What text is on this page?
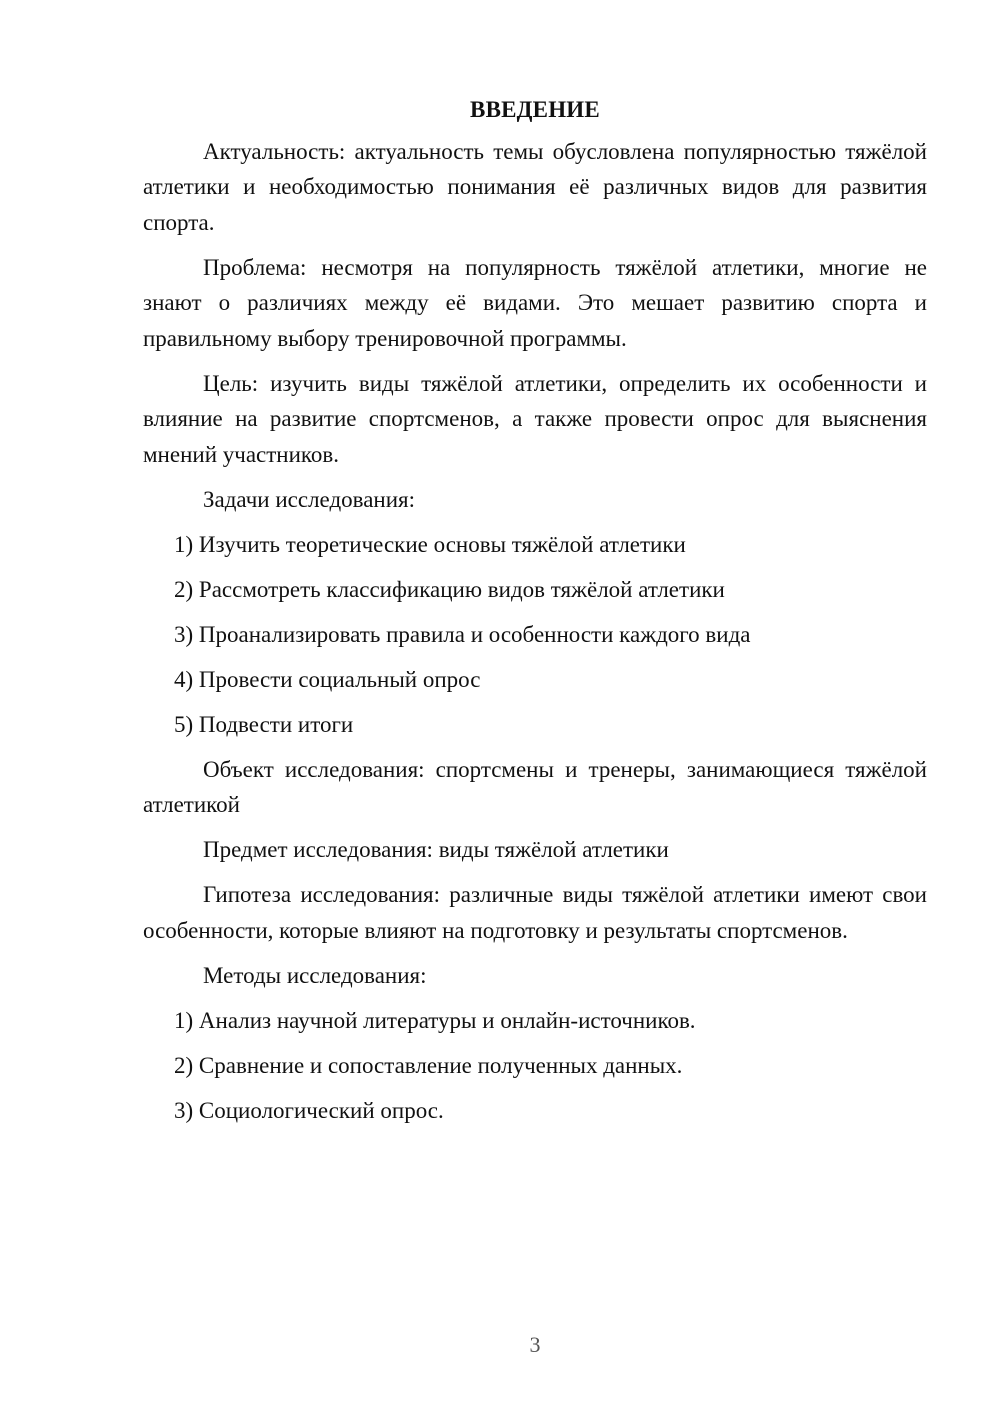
ВВЕДЕНИЕ

Актуальность: актуальность темы обусловлена популярностью тяжёлой атлетики и необходимостью понимания её различных видов для развития спорта.

Проблема: несмотря на популярность тяжёлой атлетики, многие не знают о различиях между её видами. Это мешает развитию спорта и правильному выбору тренировочной программы.

Цель: изучить виды тяжёлой атлетики, определить их особенности и влияние на развитие спортсменов, а также провести опрос для выяснения мнений участников.

Задачи исследования:

1) Изучить теоретические основы тяжёлой атлетики
2) Рассмотреть классификацию видов тяжёлой атлетики
3) Проанализировать правила и особенности каждого вида
4) Провести социальный опрос
5) Подвести итоги

Объект исследования: спортсмены и тренеры, занимающиеся тяжёлой атлетикой

Предмет исследования: виды тяжёлой атлетики

Гипотеза исследования: различные виды тяжёлой атлетики имеют свои особенности, которые влияют на подготовку и результаты спортсменов.

Методы исследования:

1) Анализ научной литературы и онлайн-источников.
2) Сравнение и сопоставление полученных данных.
3) Социологический опрос.
3
